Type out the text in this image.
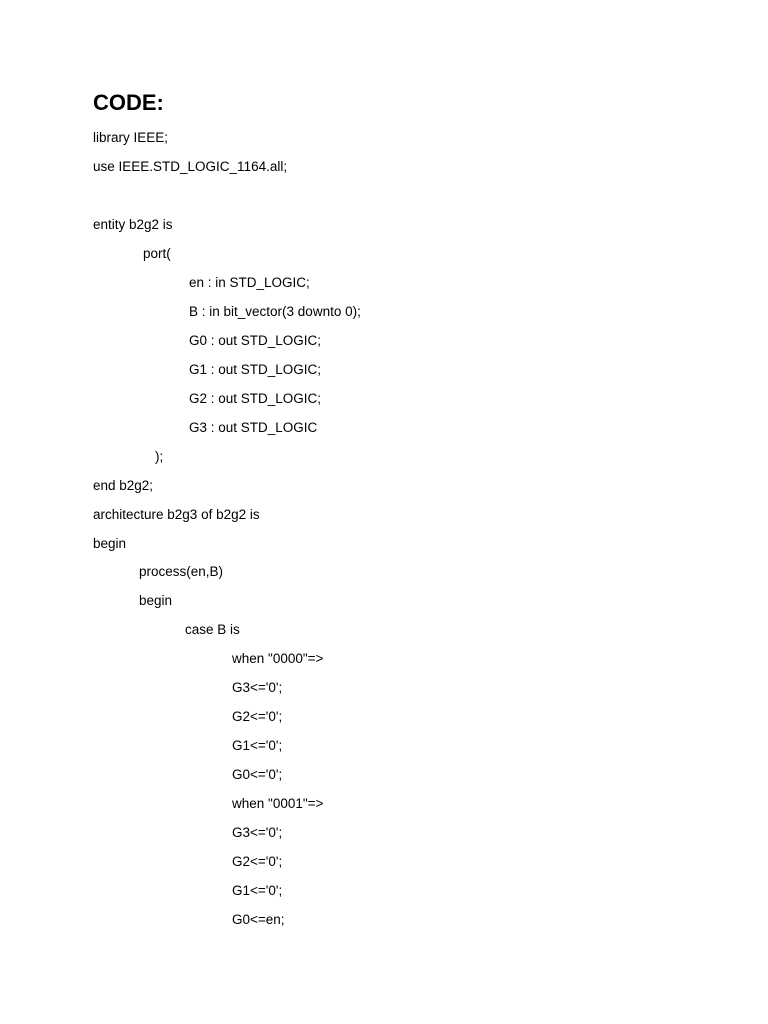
CODE:
library IEEE;
use IEEE.STD_LOGIC_1164.all;
entity b2g2 is
port(
en : in STD_LOGIC;
B : in bit_vector(3 downto 0);
G0 : out STD_LOGIC;
G1 : out STD_LOGIC;
G2 : out STD_LOGIC;
G3 : out STD_LOGIC
);
end b2g2;
architecture b2g3 of b2g2 is
begin
process(en,B)
begin
case B is
when "0000"=>
G3<='0';
G2<='0';
G1<='0';
G0<='0';
when "0001"=>
G3<='0';
G2<='0';
G1<='0';
G0<=en;
